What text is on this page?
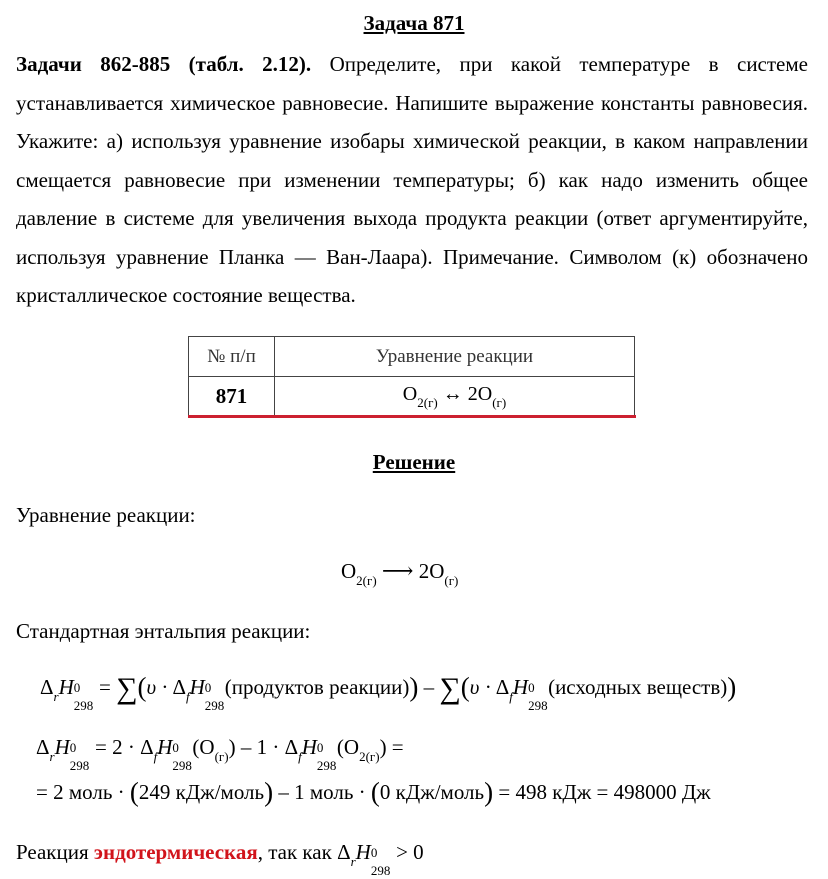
Задача 871
Задачи 862-885 (табл. 2.12). Определите, при какой температуре в системе устанавливается химическое равновесие. Напишите выражение константы равновесия. Укажите: а) используя уравнение изобары химической реакции, в каком направлении смещается равновесие при изменении температуры; б) как надо изменить общее давление в системе для увеличения выхода продукта реакции (ответ аргументируйте, используя уравнение Планка — Ван-Лаара). Примечание. Символом (к) обозначено кристаллическое состояние вещества.
№ п/п	Уравнение реакции
871	$O_{2(г)}$ ↔ $2O_{(г)}$
Решение
Уравнение реакции:
$O_{2(г)}$ ⟶ $2O_{(г)}$
Стандартная энтальпия реакции:
$\Delta_rH$ 0
298
= $\sum(\upsilon \cdot \Delta_fH$ 0
298
(продуктов реакции)) – $\sum(\upsilon \cdot \Delta_fH$ 0
298
(исходных веществ))
$\Delta_rH$ 0
298
= $2 \cdot \Delta_fH$ 0
298
$(O_{(г)}) - 1 \cdot \Delta_fH$ 0
298
$(O_{2(г)})$ =
= 2 моль · (249 кДж/моль) – 1 моль · (0 кДж/моль) = 498 кДж = 498000 Дж
Реакция эндотермическая, так как $\Delta_rH$ 0
298
> 0
